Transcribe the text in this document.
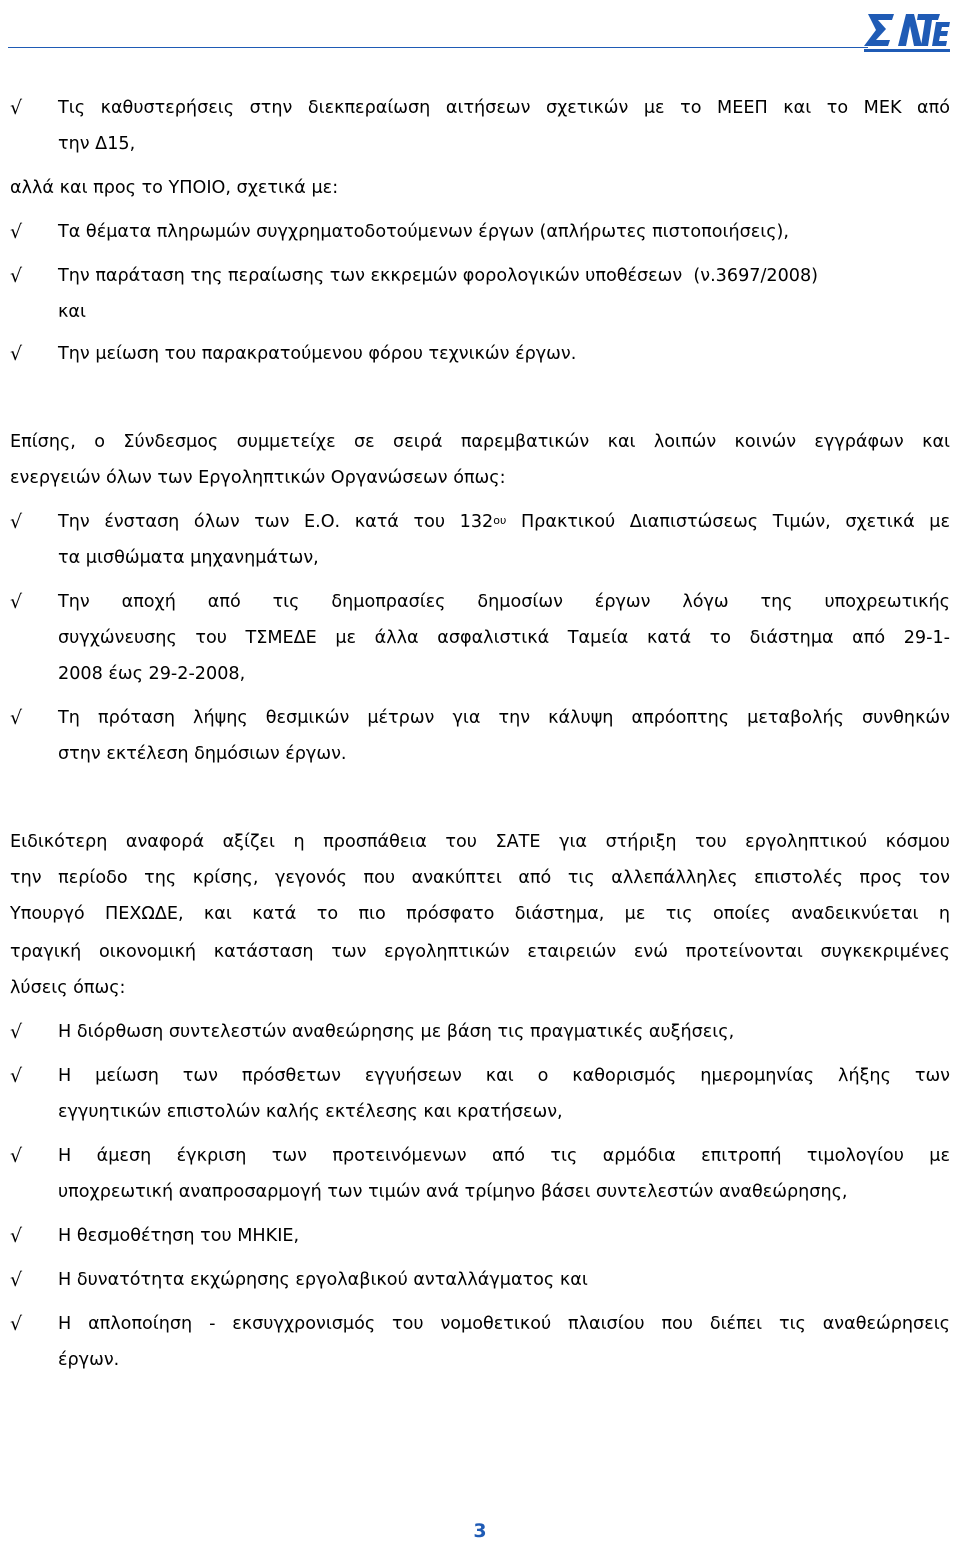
√ Τις καθυστερήσεις στην διεκπεραίωση αιτήσεων σχετικών με το ΜΕΕΠ και το ΜΕΚ από
την Δ15,
αλλά και προς το ΥΠΟΙΟ, σχετικά με:
√ Τα θέματα πληρωμών συγχρηματοδοτούμενων έργων (απλήρωτες πιστοποιήσεις),
√ Την παράταση της περαίωσης των εκκρεμών φορολογικών υποθέσεων  (ν.3697/2008)
και
√ Την μείωση του παρακρατούμενου φόρου τεχνικών έργων.
Επίσης, ο Σύνδεσμος συμμετείχε σε σειρά παρεμβατικών και λοιπών κοινών εγγράφων και
ενεργειών όλων των Εργοληπτικών Οργανώσεων όπως:
√ Την ένσταση όλων των Ε.Ο. κατά του $132^{o\upsilon}$ Πρακτικού Διαπιστώσεως Τιμών, σχετικά με
τα μισθώματα μηχανημάτων,
√ Την αποχή από τις δημοπρασίες δημοσίων έργων λόγω της υποχρεωτικής
συγχώνευσης του ΤΣΜΕΔΕ με άλλα ασφαλιστικά Ταμεία κατά το διάστημα από 29-1-
2008 έως 29-2-2008,
√ Τη πρόταση λήψης θεσμικών μέτρων για την κάλυψη απρόοπτης μεταβολής συνθηκών
στην εκτέλεση δημόσιων έργων.
Ειδικότερη αναφορά αξίζει η προσπάθεια του ΣΑΤΕ για στήριξη του εργοληπτικού κόσμου
την περίοδο της κρίσης, γεγονός που ανακύπτει από τις αλλεπάλληλες επιστολές προς τον
Υπουργό ΠΕΧΩΔΕ, και κατά το πιο πρόσφατο διάστημα, με τις οποίες αναδεικνύεται η
τραγική οικονομική κατάσταση των εργοληπτικών εταιρειών ενώ προτείνονται συγκεκριμένες
λύσεις όπως:
√ Η διόρθωση συντελεστών αναθεώρησης με βάση τις πραγματικές αυξήσεις,
√ Η μείωση των πρόσθετων εγγυήσεων και ο καθορισμός ημερομηνίας λήξης των
εγγυητικών επιστολών καλής εκτέλεσης και κρατήσεων,
√ Η άμεση έγκριση των προτεινόμενων από τις αρμόδια επιτροπή τιμολογίου με
υποχρεωτική αναπροσαρμογή των τιμών ανά τρίμηνο βάσει συντελεστών αναθεώρησης,
√ Η θεσμοθέτηση του ΜΗΚΙΕ,
√ Η δυνατότητα εκχώρησης εργολαβικού ανταλλάγματος και
√ Η απλοποίηση - εκσυγχρονισμός του νομοθετικού πλαισίου που διέπει τις αναθεώρησεις
έργων.
3
